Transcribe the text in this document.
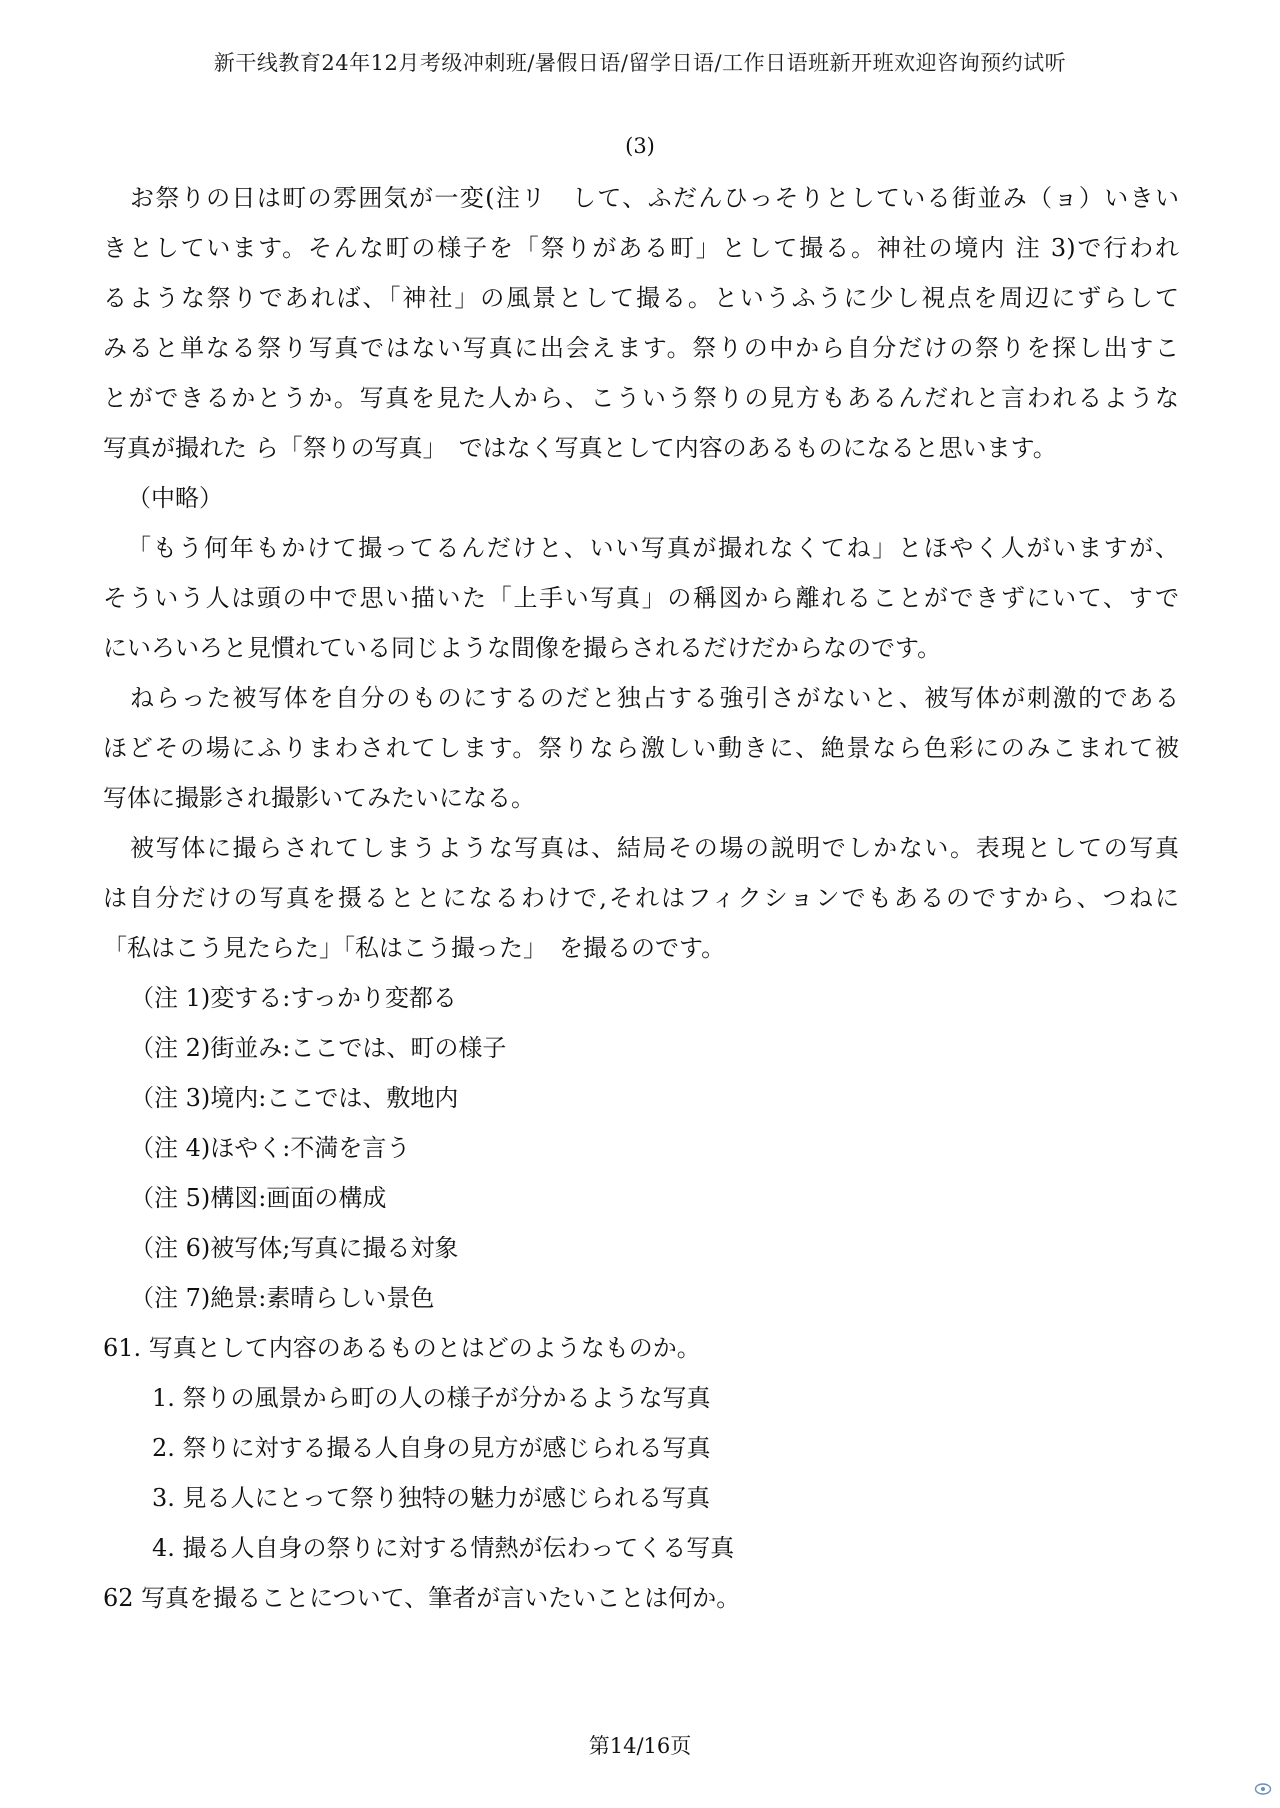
新干线教育24年12月考级冲刺班/暑假日语/留学日语/工作日语班新开班欢迎咨询预约试听
(3)
お祭りの日は町の雰囲気が一変(注リ　して、ふだんひっそりとしている街並み（ョ）いきい
きとしています。そんな町の様子を「祭りがある町」として撮る。神社の境内 注 3)で行われ
るような祭りであれば、「神社」の風景として撮る。というふうに少し視点を周辺にずらして
みると単なる祭り写真ではない写真に出会えます。祭りの中から自分だけの祭りを探し出すこ
とができるかとうか。写真を見た人から、こういう祭りの見方もあるんだれと言われるような
写真が撮れた ら「祭りの写真」　ではなく写真として内容のあるものになると思います。
（中略）
「もう何年もかけて撮ってるんだけと、いい写真が撮れなくてね」とほやく人がいますが、
そういう人は頭の中で思い描いた「上手い写真」の稱図から離れることができずにいて、すで
にいろいろと見慣れている同じような間像を撮らされるだけだからなのです。
ねらった被写体を自分のものにするのだと独占する強引さがないと、被写体が刺激的である
ほどその場にふりまわされてします。祭りなら激しい動きに、絶景なら色彩にのみこまれて被
写体に撮影され撮影いてみたいになる。
被写体に撮らされてしまうような写真は、結局その場の説明でしかない。表現としての写真
は自分だけの写真を摄るととになるわけで,それはフィクションでもあるのですから、つねに
「私はこう見たらた」「私はこう撮った」　を撮るのです。
（注 1)変する:すっかり変都る
（注 2)街並み:ここでは、町の様子
（注 3)境内:ここでは、敷地内
（注 4)ほやく:不満を言う
（注 5)構図:画面の構成
（注 6)被写体;写真に撮る対象
（注 7)絶景:素晴らしい景色
61. 写真として内容のあるものとはどのようなものか。
1. 祭りの風景から町の人の様子が分かるような写真
2. 祭りに対する撮る人自身の見方が感じられる写真
3. 見る人にとって祭り独特の魅力が感じられる写真
4. 撮る人自身の祭りに対する情熱が伝わってくる写真
62 写真を撮ることについて、筆者が言いたいことは何か。
第14/16页
